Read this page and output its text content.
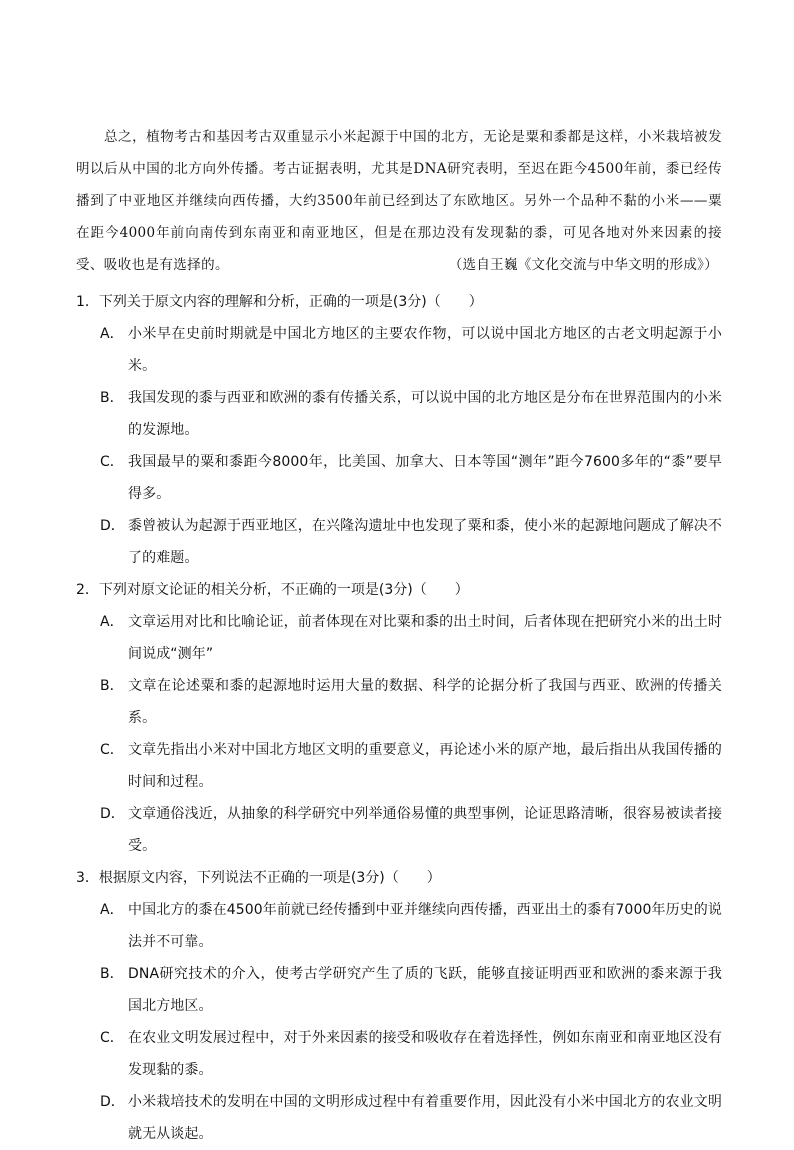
总之，植物考古和基因考古双重显示小米起源于中国的北方，无论是粟和黍都是这样，小米栽培被发明以后从中国的北方向外传播。考古证据表明，尤其是DNA研究表明，至迟在距今4500年前，黍已经传播到了中亚地区并继续向西传播，大约3500年前已经到达了东欧地区。另外一个品种不黏的小米——粟在距今4000年前向南传到东南亚和南亚地区，但是在那边没有发现黏的黍，可见各地对外来因素的接受、吸收也是有选择的。	（选自王巍《文化交流与中华文明的形成》）
1．下列关于原文内容的理解和分析，正确的一项是(3分)（　　）
A． 小米早在史前时期就是中国北方地区的主要农作物，可以说中国北方地区的古老文明起源于小米。
B． 我国发现的黍与西亚和欧洲的黍有传播关系，可以说中国的北方地区是分布在世界范围内的小米的发源地。
C． 我国最早的粟和黍距今8000年，比美国、加拿大、日本等国“测年”距今7600多年的“黍”要早得多。
D． 黍曾被认为起源于西亚地区，在兴隆沟遗址中也发现了粟和黍，使小米的起源地问题成了解决不了的难题。
2．下列对原文论证的相关分析，不正确的一项是(3分)（　　）
A． 文章运用对比和比喻论证，前者体现在对比粟和黍的出土时间，后者体现在把研究小米的出土时间说成“测年”
B． 文章在论述粟和黍的起源地时运用大量的数据、科学的论据分析了我国与西亚、欧洲的传播关系。
C． 文章先指出小米对中国北方地区文明的重要意义，再论述小米的原产地，最后指出从我国传播的时间和过程。
D． 文章通俗浅近，从抽象的科学研究中列举通俗易懂的典型事例，论证思路清晰，很容易被读者接受。
3．根据原文内容，下列说法不正确的一项是(3分)（　　）
A． 中国北方的黍在4500年前就已经传播到中亚并继续向西传播，西亚出土的黍有7000年历史的说法并不可靠。
B． DNA研究技术的介入，使考古学研究产生了质的飞跃，能够直接证明西亚和欧洲的黍来源于我国北方地区。
C． 在农业文明发展过程中，对于外来因素的接受和吸收存在着选择性，例如东南亚和南亚地区没有发现黏的黍。
D． 小米栽培技术的发明在中国的文明形成过程中有着重要作用，因此没有小米中国北方的农业文明就无从谈起。
